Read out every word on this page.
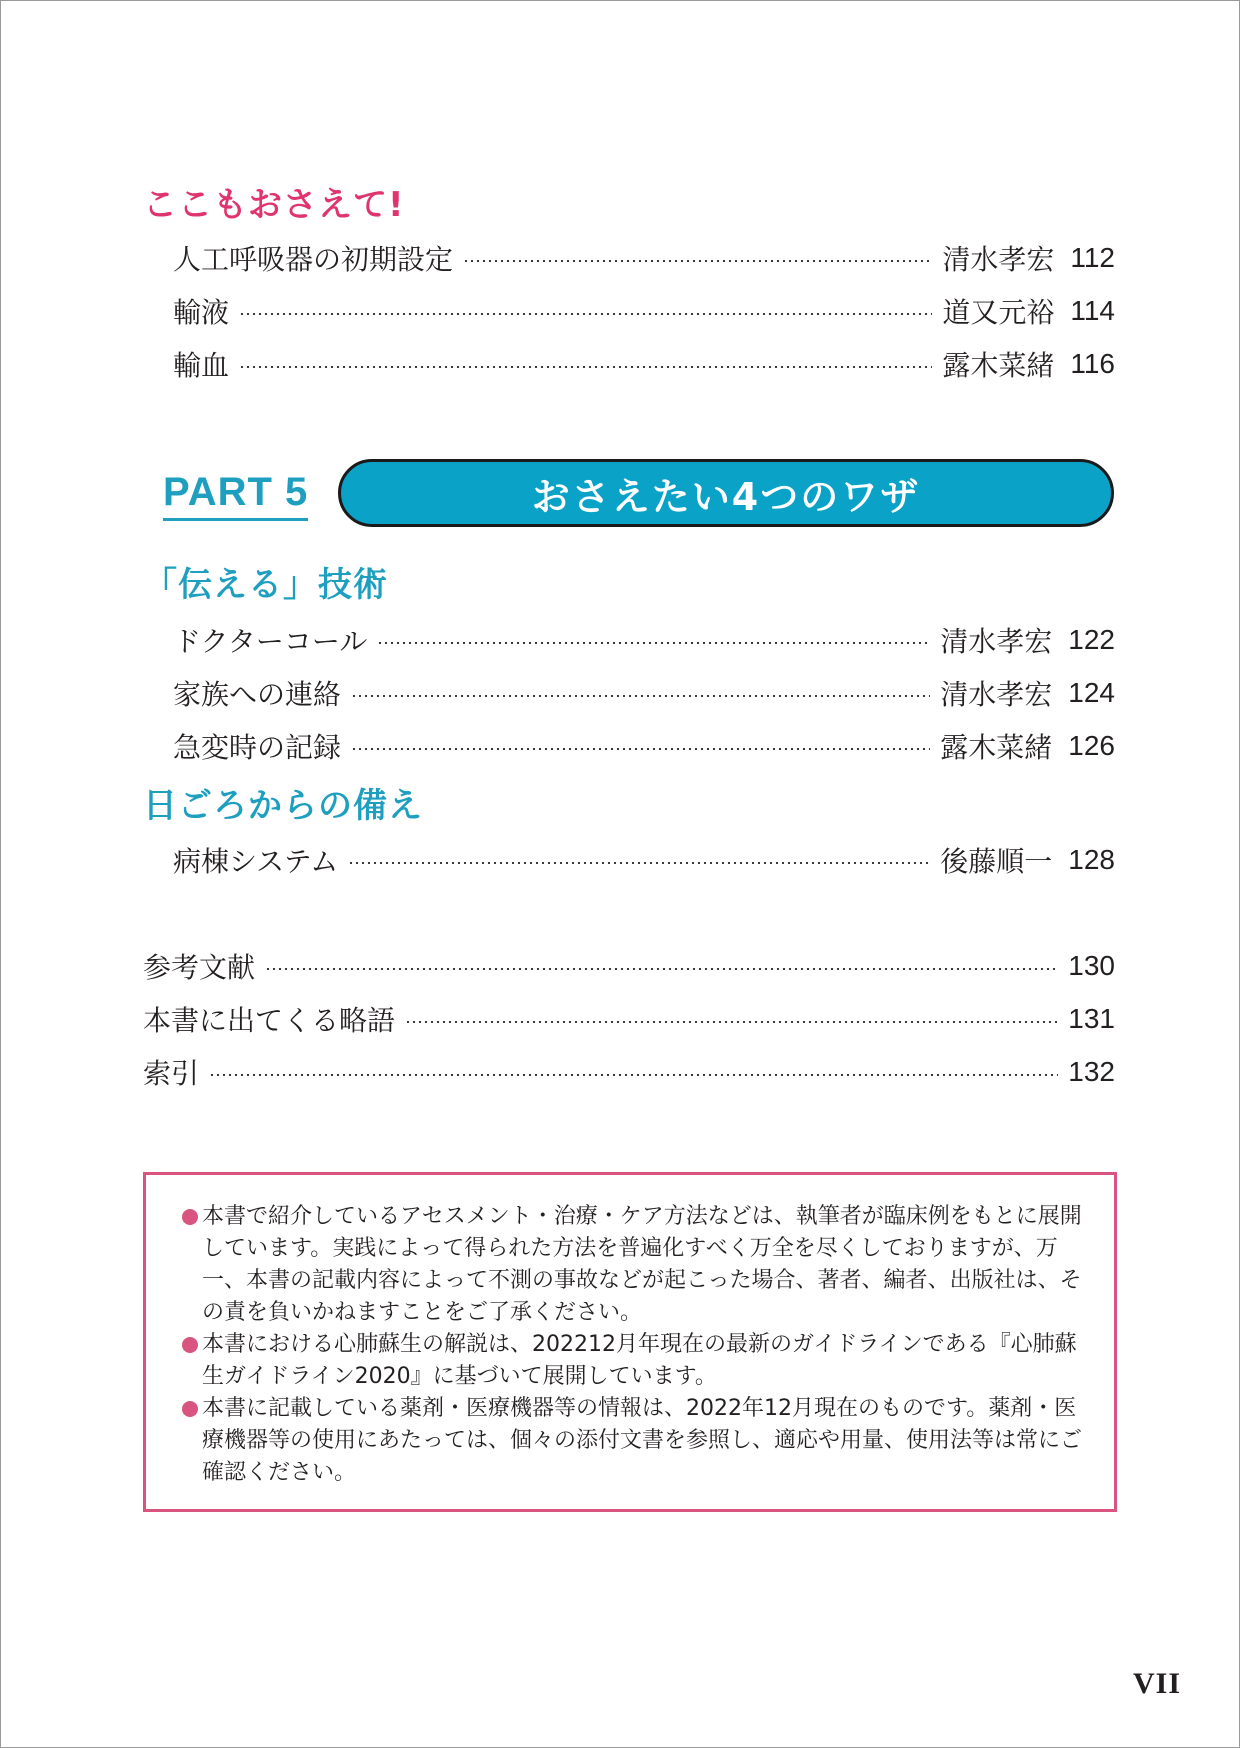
ここもおさえて!
人工呼吸器の初期設定	清水孝宏 112
輸液	道又元裕 114
輸血	露木菜緒 116
PART 5	おさえたい4つのワザ
「伝える」技術
ドクターコール	清水孝宏 122
家族への連絡	清水孝宏 124
急変時の記録	露木菜緒 126
日ごろからの備え
病棟システム	後藤順一 128
参考文献	130
本書に出てくる略語	131
索引	132
本書で紹介しているアセスメント・治療・ケア方法などは、執筆者が臨床例をもとに展開しています。実践によって得られた方法を普遍化すべく万全を尽くしておりますが、万一、本書の記載内容によって不測の事故などが起こった場合、著者、編者、出版社は、その責を負いかねますことをご了承ください。
本書における心肺蘇生の解説は、202212月年現在の最新のガイドラインである『心肺蘇生ガイドライン2020』に基づいて展開しています。
本書に記載している薬剤・医療機器等の情報は、2022年12月現在のものです。薬剤・医療機器等の使用にあたっては、個々の添付文書を参照し、適応や用量、使用法等は常にご確認ください。
VII
